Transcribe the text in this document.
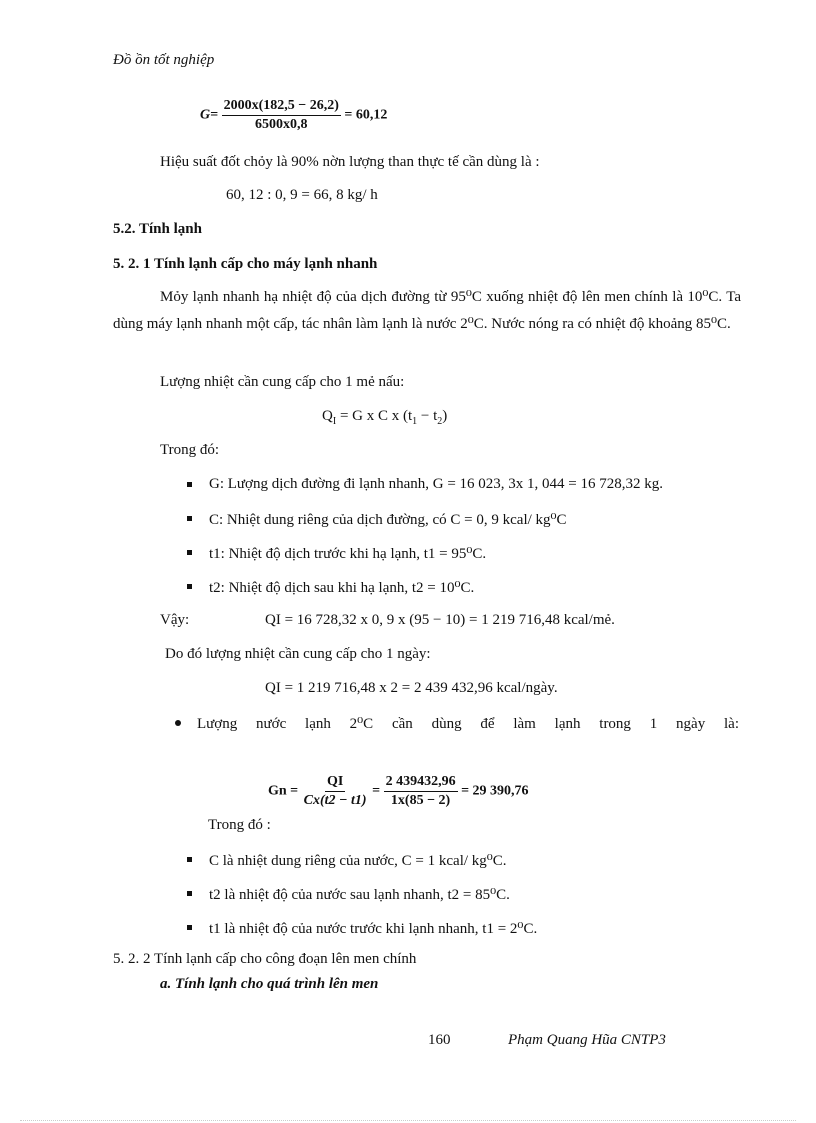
Đồ ồn tốt nghiệp
$G= \frac{2000x(182,5 - 26,2)}{6500x0,8} = 60,12$
Hiệu suất đốt chỏy là 90% nờn lượng than thực tế cần dùng là :
60, 12 : 0, 9 = 66, 8 kg/ h
5.2. Tính lạnh
5. 2. 1 Tính lạnh cấp cho máy lạnh nhanh
Mỏy lạnh nhanh hạ nhiệt độ của dịch đường từ 95⁰C xuống nhiệt độ lên men chính là 10⁰C. Ta dùng máy lạnh nhanh một cấp, tác nhân làm lạnh là nước 2⁰C. Nước nóng ra có nhiệt độ khoảng 85⁰C.
Lượng nhiệt cần cung cấp cho 1 mẻ nấu:
$Q_I = G$ x C x $(t_1 - t_2)$
Trong đó:
G: Lượng dịch đường đi lạnh nhanh, G = 16 023, 3x 1, 044 = 16 728,32 kg.
C: Nhiệt dung riêng của dịch đường, có C = 0, 9 kcal/ kg⁰C
t1: Nhiệt độ dịch trước khi hạ lạnh, t1 = 95⁰C.
t2: Nhiệt độ dịch sau khi hạ lạnh, t2 = 10⁰C.
Vậy:	QI = 16 728,32 x 0, 9 x (95 − 10) = 1 219 716,48 kcal/mẻ.
Do đó lượng nhiệt cần cung cấp cho 1 ngày:
QI = 1 219 716,48 x 2 = 2 439 432,96 kcal/ngày.
Lượng nước lạnh 2⁰C cần dùng để làm lạnh trong 1 ngày là:
$Gn = \frac{QI}{Cx(t2 - t1)} = \frac{2 439432,96}{1x(85 - 2)} = 29$ 390,76
Trong đó :
C là nhiệt dung riêng của nước, C = 1 kcal/ kg⁰C.
t2 là nhiệt độ của nước sau lạnh nhanh, t2 = 85⁰C.
t1 là nhiệt độ của nước trước khi lạnh nhanh, t1 = 2⁰C.
5. 2. 2 Tính lạnh cấp cho công đoạn lên men chính
a. Tính lạnh cho quá trình lên men
160	Phạm Quang Hũa CNTP3
